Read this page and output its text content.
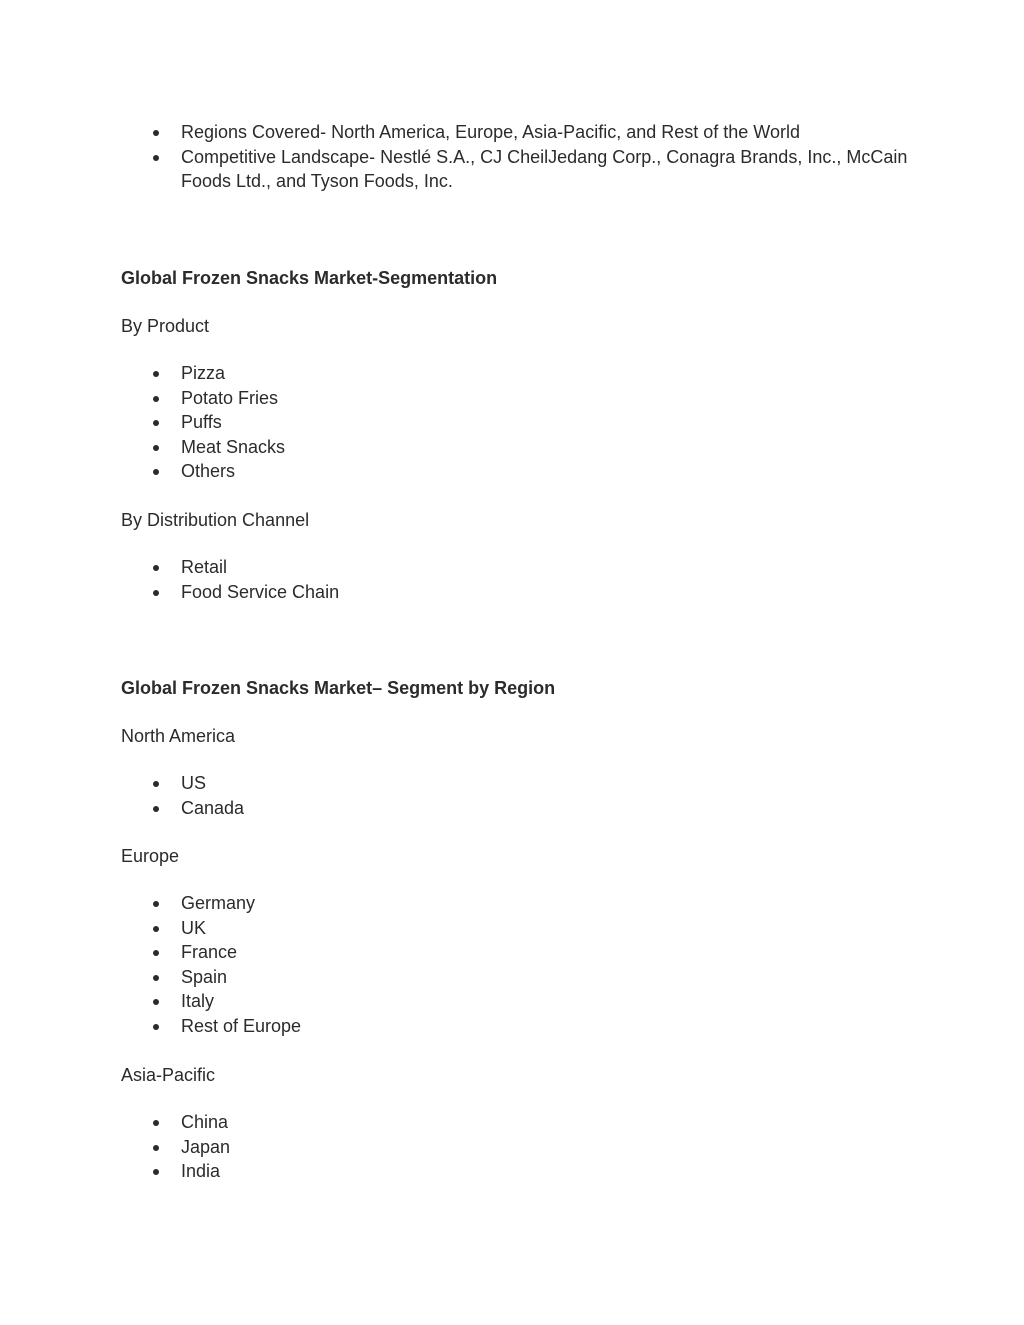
Regions Covered- North America, Europe, Asia-Pacific, and Rest of the World
Competitive Landscape- Nestlé S.A., CJ CheilJedang Corp., Conagra Brands, Inc., McCain Foods Ltd., and Tyson Foods, Inc.
Global Frozen Snacks Market-Segmentation
By Product
Pizza
Potato Fries
Puffs
Meat Snacks
Others
By Distribution Channel
Retail
Food Service Chain
Global Frozen Snacks Market– Segment by Region
North America
US
Canada
Europe
Germany
UK
France
Spain
Italy
Rest of Europe
Asia-Pacific
China
Japan
India
